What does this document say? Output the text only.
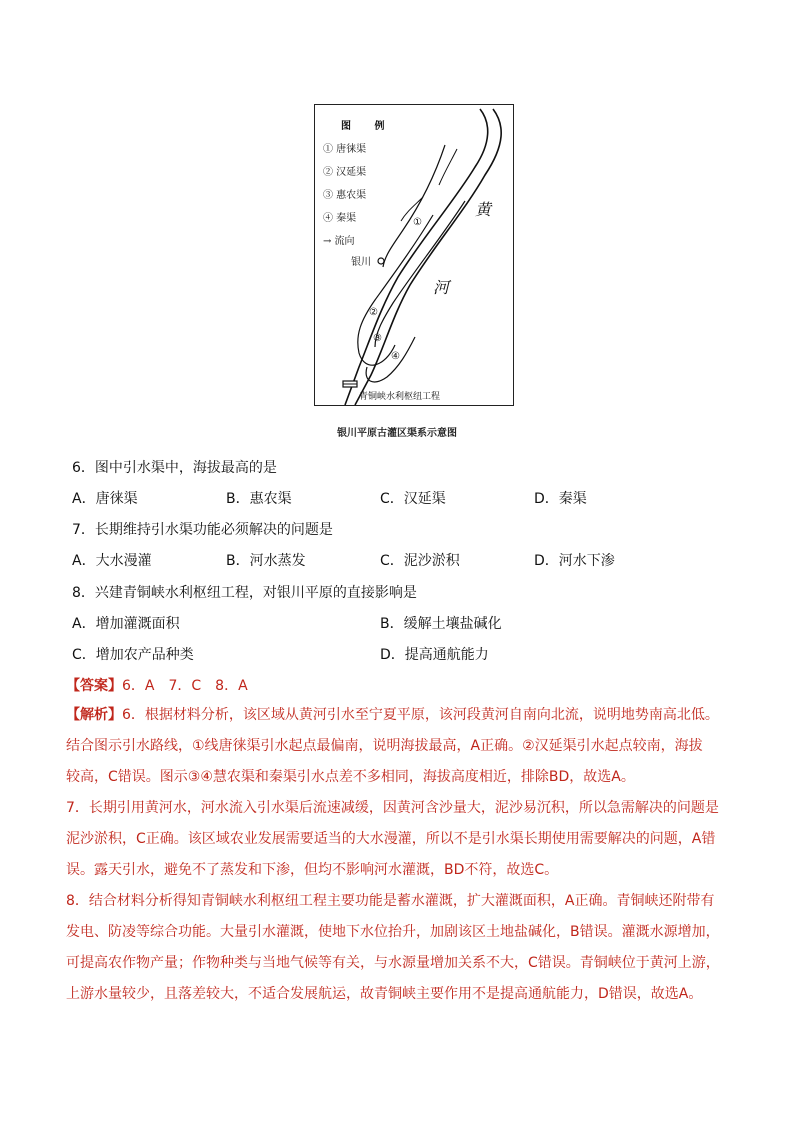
图 例
① 唐徕渠
② 汉延渠
③ 惠农渠
④ 秦渠
→ 流向
黄
河
银川
①
②
③
④
青铜峡水利枢纽工程
银川平原古灌区渠系示意图
6．图中引水渠中，海拔最高的是
A．唐徕渠	B．惠农渠	C．汉延渠	D．秦渠
7．长期维持引水渠功能必须解决的问题是
A．大水漫灌	B．河水蒸发	C．泥沙淤积	D．河水下渗
8．兴建青铜峡水利枢纽工程，对银川平原的直接影响是
A．增加灌溉面积	B．缓解土壤盐碱化
C．增加农产品种类	D．提高通航能力
【答案】6．A　7．C　8．A

【解析】6．根据材料分析，该区域从黄河引水至宁夏平原，该河段黄河自南向北流，说明地势南高北低。

结合图示引水路线，①线唐徕渠引水起点最偏南，说明海拔最高，A正确。②汉延渠引水起点较南，海拔

较高，C错误。图示③④慧农渠和秦渠引水点差不多相同，海拔高度相近，排除BD，故选A。

7．长期引用黄河水，河水流入引水渠后流速减缓，因黄河含沙量大，泥沙易沉积，所以急需解决的问题是

泥沙淤积，C正确。该区域农业发展需要适当的大水漫灌，所以不是引水渠长期使用需要解决的问题，A错

误。露天引水，避免不了蒸发和下渗，但均不影响河水灌溉，BD不符，故选C。

8．结合材料分析得知青铜峡水利枢纽工程主要功能是蓄水灌溉，扩大灌溉面积，A正确。青铜峡还附带有

发电、防凌等综合功能。大量引水灌溉，使地下水位抬升，加剧该区土地盐碱化，B错误。灌溉水源增加，

可提高农作物产量；作物种类与当地气候等有关，与水源量增加关系不大，C错误。青铜峡位于黄河上游，

上游水量较少，且落差较大，不适合发展航运，故青铜峡主要作用不是提高通航能力，D错误，故选A。
